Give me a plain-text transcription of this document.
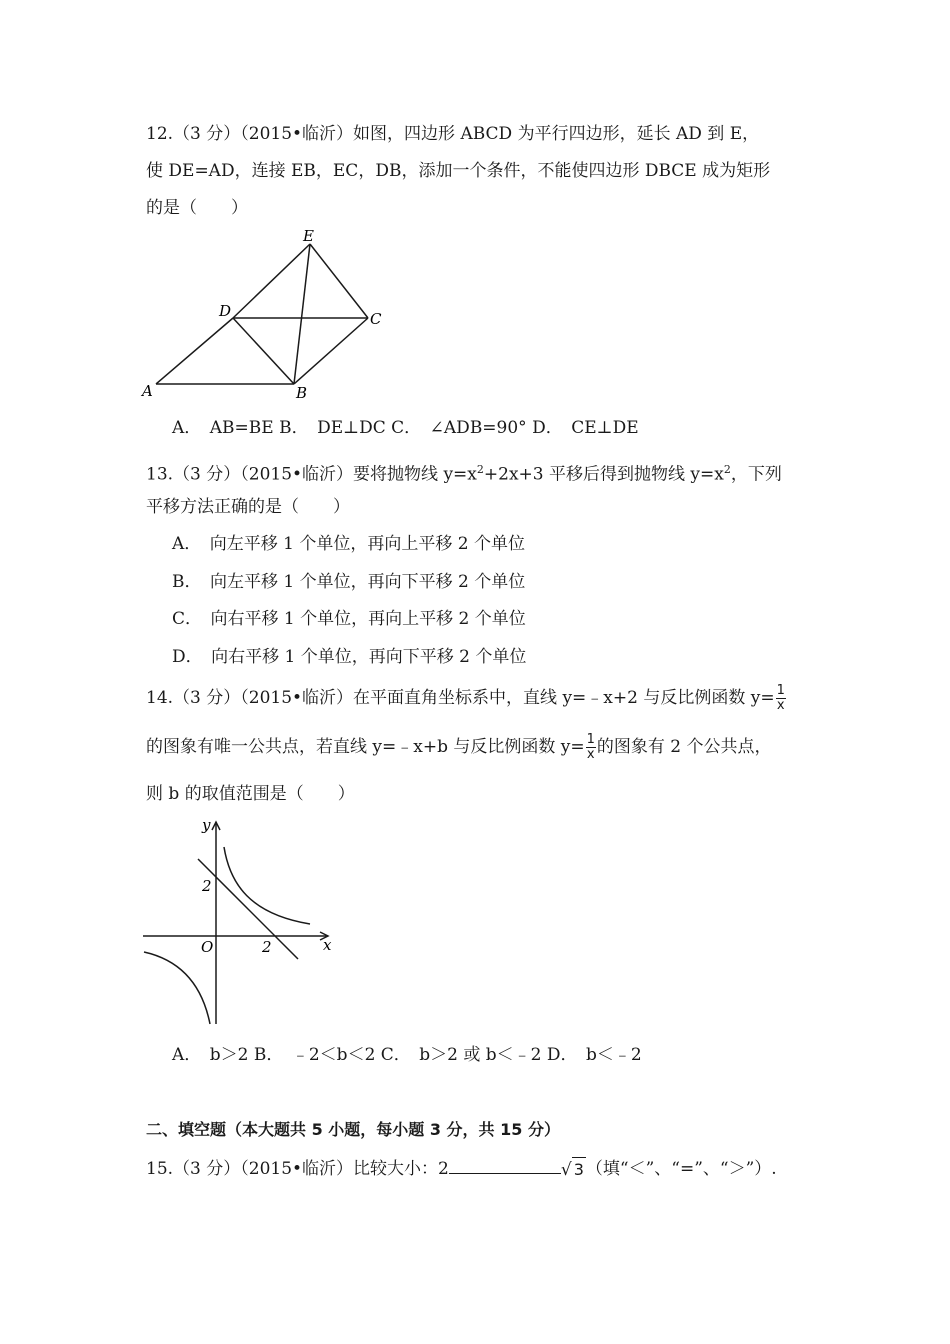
12.（3 分）（2015•临沂）如图，四边形 ABCD 为平行四边形，延长 AD 到 E，
使 DE=AD，连接 EB，EC，DB，添加一个条件，不能使四边形 DBCE 成为矩形
的是（　　）
A	B
C
D
E
A．　AB=BE B．　DE⊥DC C．　∠ADB=90° D．　CE⊥DE
13.（3 分）（2015•临沂）要将抛物线 $y=x^2+2x+3$ 平移后得到抛物线 $y=x^2$，下列
平移方法正确的是（　　）
A．　向左平移 1 个单位，再向上平移 2 个单位
B．　向左平移 1 个单位，再向下平移 2 个单位
C．　向右平移 1 个单位，再向上平移 2 个单位
D．　向右平移 1 个单位，再向下平移 2 个单位
14.（3 分）（2015•临沂）在平面直角坐标系中，直线 y=﹣x+2 与反比例函数 $y= \frac{1}{x}$
的图象有唯一公共点，若直线 y=﹣x+b 与反比例函数 $y= \frac{1}{x}$ 的图象有 2 个公共点，
则 b 的取值范围是（　　）
y
x
O
2
2
A．　b＞2 B．　﹣2＜b＜2 C．　b＞2 或 b＜﹣2 D．　b＜﹣2
二、填空题（本大题共 5 小题，每小题 3 分，共 15 分）
15.（3 分）（2015•临沂）比较大小：2	√ 3 （填“＜”、“=”、“＞”）.
